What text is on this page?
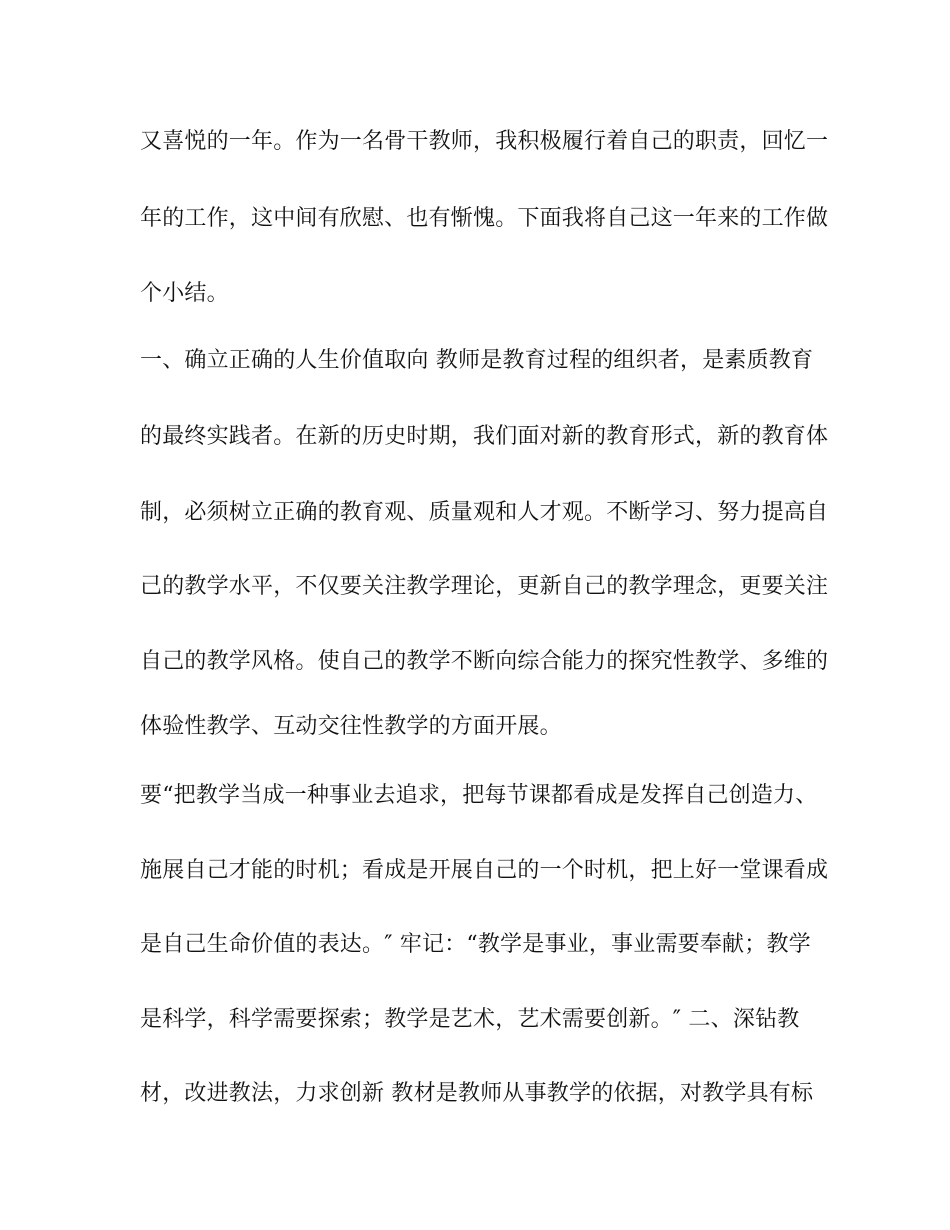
又喜悦的一年。作为一名骨干教师，我积极履行着自己的职责，回忆一
年的工作，这中间有欣慰、也有惭愧。下面我将自己这一年来的工作做
个小结。
一、确立正确的人生价值取向 教师是教育过程的组织者，是素质教育
的最终实践者。在新的历史时期，我们面对新的教育形式，新的教育体
制，必须树立正确的教育观、质量观和人才观。不断学习、努力提高自
己的教学水平，不仅要关注教学理论，更新自己的教学理念，更要关注
自己的教学风格。使自己的教学不断向综合能力的探究性教学、多维的
体验性教学、互动交往性教学的方面开展。
要“把教学当成一种事业去追求，把每节课都看成是发挥自己创造力、
施展自己才能的时机；看成是开展自己的一个时机，把上好一堂课看成
是自己生命价值的表达。″ 牢记：“教学是事业，事业需要奉献；教学
是科学，科学需要探索；教学是艺术，艺术需要创新。″ 二、深钻教
材，改进教法，力求创新 教材是教师从事教学的依据，对教学具有标
